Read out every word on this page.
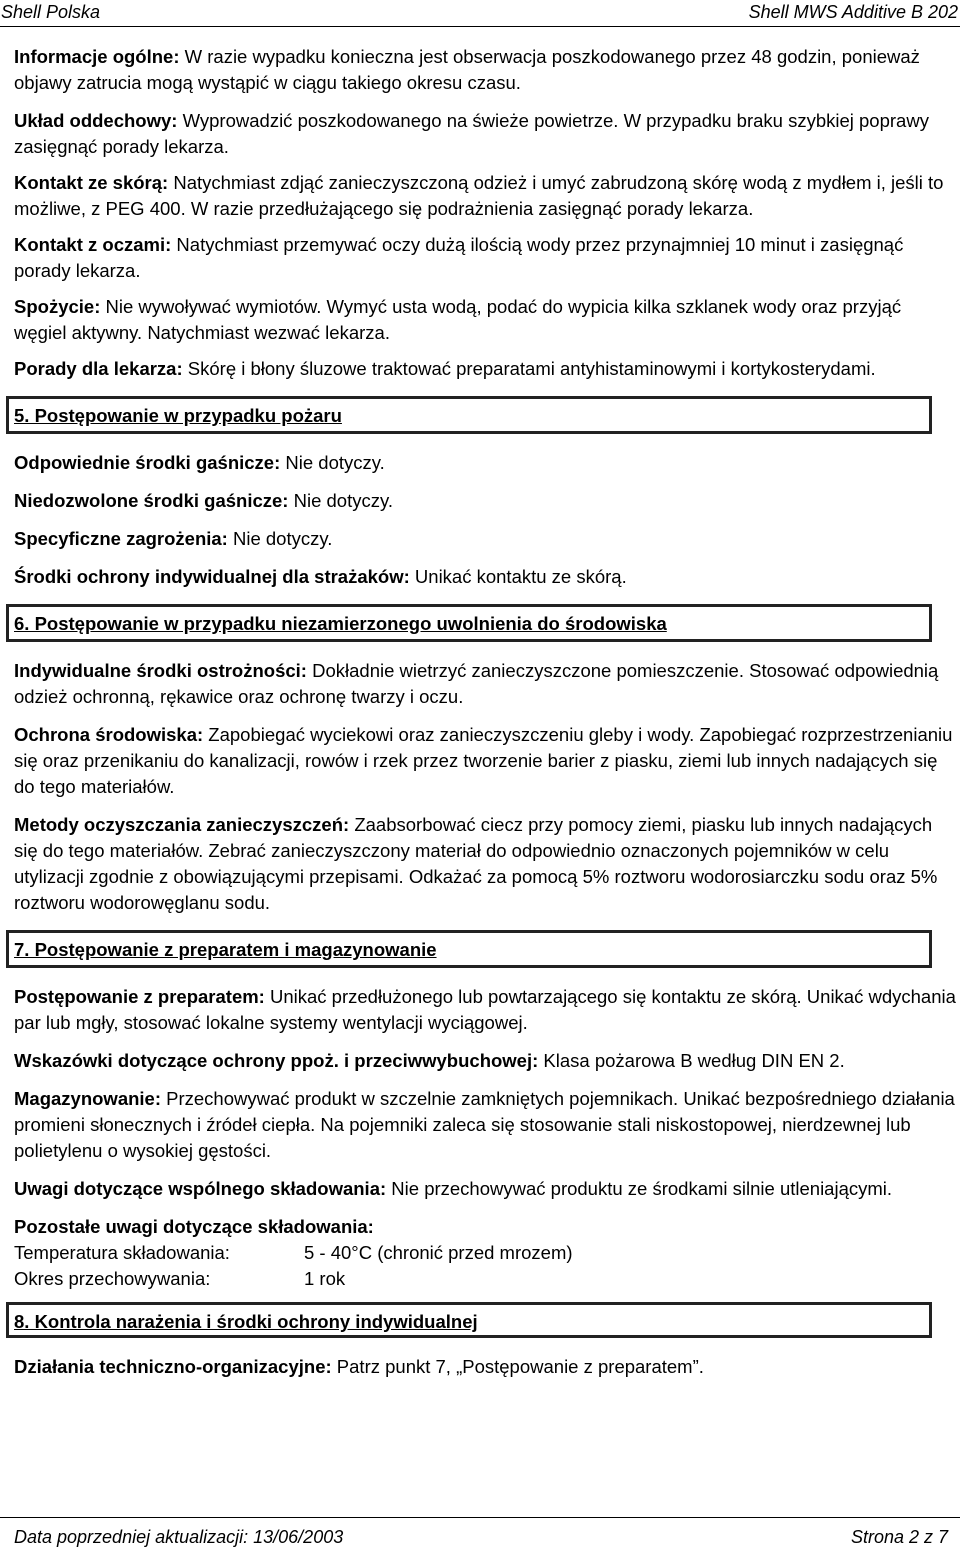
Shell Polska	Shell MWS Additive B 202

Informacje ogólne: W razie wypadku konieczna jest obserwacja poszkodowanego przez 48 godzin, ponieważ objawy zatrucia mogą wystąpić w ciągu takiego okresu czasu.

Układ oddechowy: Wyprowadzić poszkodowanego na świeże powietrze. W przypadku braku szybkiej poprawy zasięgnąć porady lekarza.

Kontakt ze skórą: Natychmiast zdjąć zanieczyszczoną odzież i umyć zabrudzoną skórę wodą z mydłem i, jeśli to możliwe, z PEG 400. W razie przedłużającego się podrażnienia zasięgnąć porady lekarza.

Kontakt z oczami: Natychmiast przemywać oczy dużą ilością wody przez przynajmniej 10 minut i zasięgnąć porady lekarza.

Spożycie: Nie wywoływać wymiotów. Wymyć usta wodą, podać do wypicia kilka szklanek wody oraz przyjąć węgiel aktywny. Natychmiast wezwać lekarza.

Porady dla lekarza: Skórę i błony śluzowe traktować preparatami antyhistaminowymi i kortykosterydami.

5. Postępowanie w przypadku pożaru

Odpowiednie środki gaśnicze: Nie dotyczy.

Niedozwolone środki gaśnicze: Nie dotyczy.

Specyficzne zagrożenia: Nie dotyczy.

Środki ochrony indywidualnej dla strażaków: Unikać kontaktu ze skórą.

6. Postępowanie w przypadku niezamierzonego uwolnienia do środowiska

Indywidualne środki ostrożności: Dokładnie wietrzyć zanieczyszczone pomieszczenie. Stosować odpowiednią odzież ochronną, rękawice oraz ochronę twarzy i oczu.

Ochrona środowiska: Zapobiegać wyciekowi oraz zanieczyszczeniu gleby i wody. Zapobiegać rozprzestrzenianiu się oraz przenikaniu do kanalizacji, rowów i rzek przez tworzenie barier z piasku, ziemi lub innych nadających się do tego materiałów.

Metody oczyszczania zanieczyszczeń: Zaabsorbować ciecz przy pomocy ziemi, piasku lub innych nadających się do tego materiałów. Zebrać zanieczyszczony materiał do odpowiednio oznaczonych pojemników w celu utylizacji zgodnie z obowiązującymi przepisami. Odkażać za pomocą 5% roztworu wodorosiarczku sodu oraz 5% roztworu wodorowęglanu sodu.

7. Postępowanie z preparatem i magazynowanie

Postępowanie z preparatem: Unikać przedłużonego lub powtarzającego się kontaktu ze skórą. Unikać wdychania par lub mgły, stosować lokalne systemy wentylacji wyciągowej.

Wskazówki dotyczące ochrony ppoż. i przeciwwybuchowej: Klasa pożarowa B według DIN EN 2.

Magazynowanie: Przechowywać produkt w szczelnie zamkniętych pojemnikach. Unikać bezpośredniego działania promieni słonecznych i źródeł ciepła. Na pojemniki zaleca się stosowanie stali niskostopowej, nierdzewnej lub polietylenu o wysokiej gęstości.

Uwagi dotyczące wspólnego składowania: Nie przechowywać produktu ze środkami silnie utleniającymi.

Pozostałe uwagi dotyczące składowania:

Temperatura składowania:	5 - 40°C (chronić przed mrozem)
Okres przechowywania:	1 rok
8. Kontrola narażenia i środki ochrony indywidualnej

Działania techniczno-organizacyjne: Patrz punkt 7, „Postępowanie z preparatem”.

Data poprzedniej aktualizacji: 13/06/2003	Strona 2 z 7
